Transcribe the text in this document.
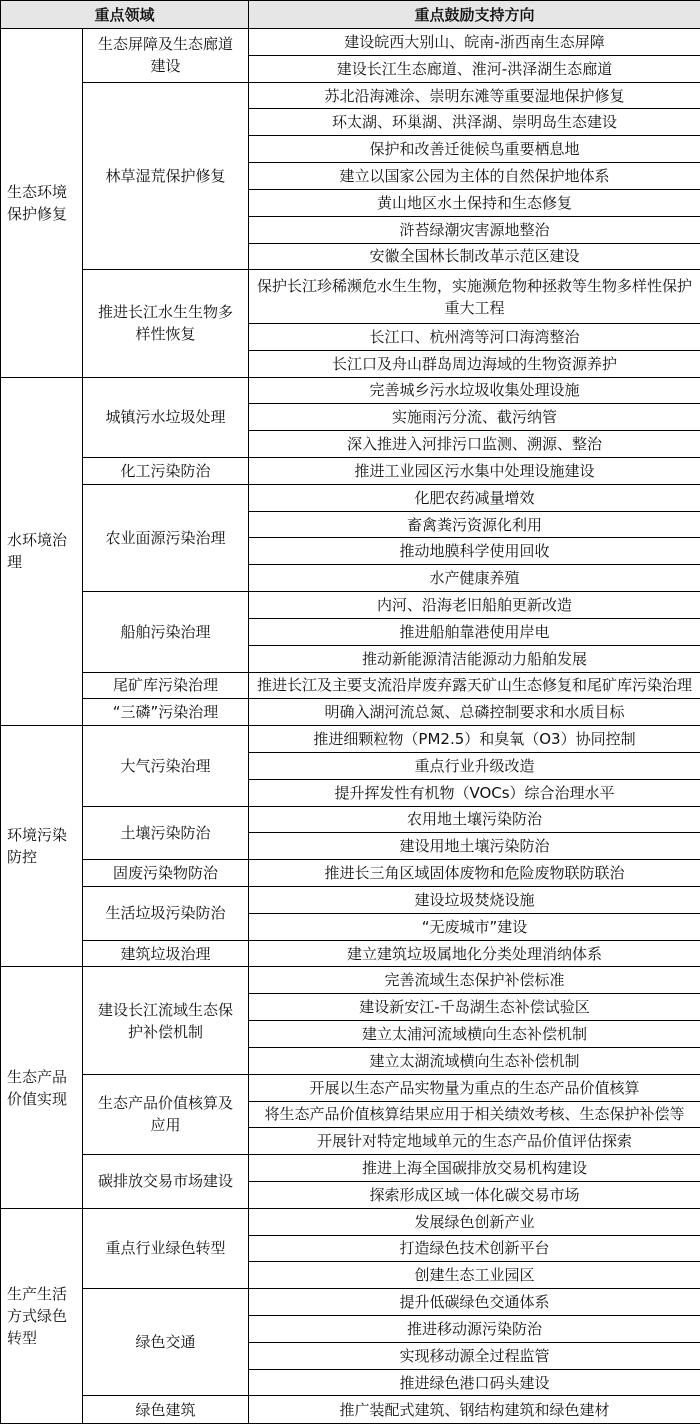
重点领域		重点鼓励支持方向
生态环境保护修复	生态屏障及生态廊道建设	建设皖西大别山、皖南-浙西南生态屏障
		建设长江生态廊道、淮河-洪泽湖生态廊道
	林草湿荒保护修复	苏北沿海滩涂、崇明东滩等重要湿地保护修复
		环太湖、环巢湖、洪泽湖、崇明岛生态建设
		保护和改善迁徙候鸟重要栖息地
		建立以国家公园为主体的自然保护地体系
		黄山地区水土保持和生态修复
		浒苔绿潮灾害源地整治
		安徽全国林长制改革示范区建设
	推进长江水生生物多样性恢复	保护长江珍稀濒危水生生物，实施濒危物种拯救等生物多样性保护重大工程
		长江口、杭州湾等河口海湾整治
		长江口及舟山群岛周边海域的生物资源养护
水环境治理	城镇污水垃圾处理	完善城乡污水垃圾收集处理设施
		实施雨污分流、截污纳管
		深入推进入河排污口监测、溯源、整治
	化工污染防治	推进工业园区污水集中处理设施建设
	农业面源污染治理	化肥农药减量增效
		畜禽粪污资源化利用
		推动地膜科学使用回收
		水产健康养殖
	船舶污染治理	内河、沿海老旧船舶更新改造
		推进船舶靠港使用岸电
		推动新能源清洁能源动力船舶发展
	尾矿库污染治理	推进长江及主要支流沿岸废弃露天矿山生态修复和尾矿库污染治理
	“三磷”污染治理	明确入湖河流总氮、总磷控制要求和水质目标
环境污染防控	大气污染治理	推进细颗粒物（PM2.5）和臭氧（O3）协同控制
		重点行业升级改造
		提升挥发性有机物（VOCs）综合治理水平
	土壤污染防治	农用地土壤污染防治
		建设用地土壤污染防治
	固废污染物防治	推进长三角区域固体废物和危险废物联防联治
	生活垃圾污染防治	建设垃圾焚烧设施
		“无废城市”建设
	建筑垃圾治理	建立建筑垃圾属地化分类处理消纳体系
生态产品价值实现	建设长江流域生态保护补偿机制	完善流域生态保护补偿标准
		建设新安江-千岛湖生态补偿试验区
		建立太浦河流域横向生态补偿机制
		建立太湖流域横向生态补偿机制
	生态产品价值核算及应用	开展以生态产品实物量为重点的生态产品价值核算
		将生态产品价值核算结果应用于相关绩效考核、生态保护补偿等
		开展针对特定地域单元的生态产品价值评估探索
	碳排放交易市场建设	推进上海全国碳排放交易机构建设
		探索形成区域一体化碳交易市场
生产生活方式绿色转型	重点行业绿色转型	发展绿色创新产业
		打造绿色技术创新平台
		创建生态工业园区
	绿色交通	提升低碳绿色交通体系
		推进移动源污染防治
		实现移动源全过程监管
		推进绿色港口码头建设
	绿色建筑	推广装配式建筑、钢结构建筑和绿色建材
